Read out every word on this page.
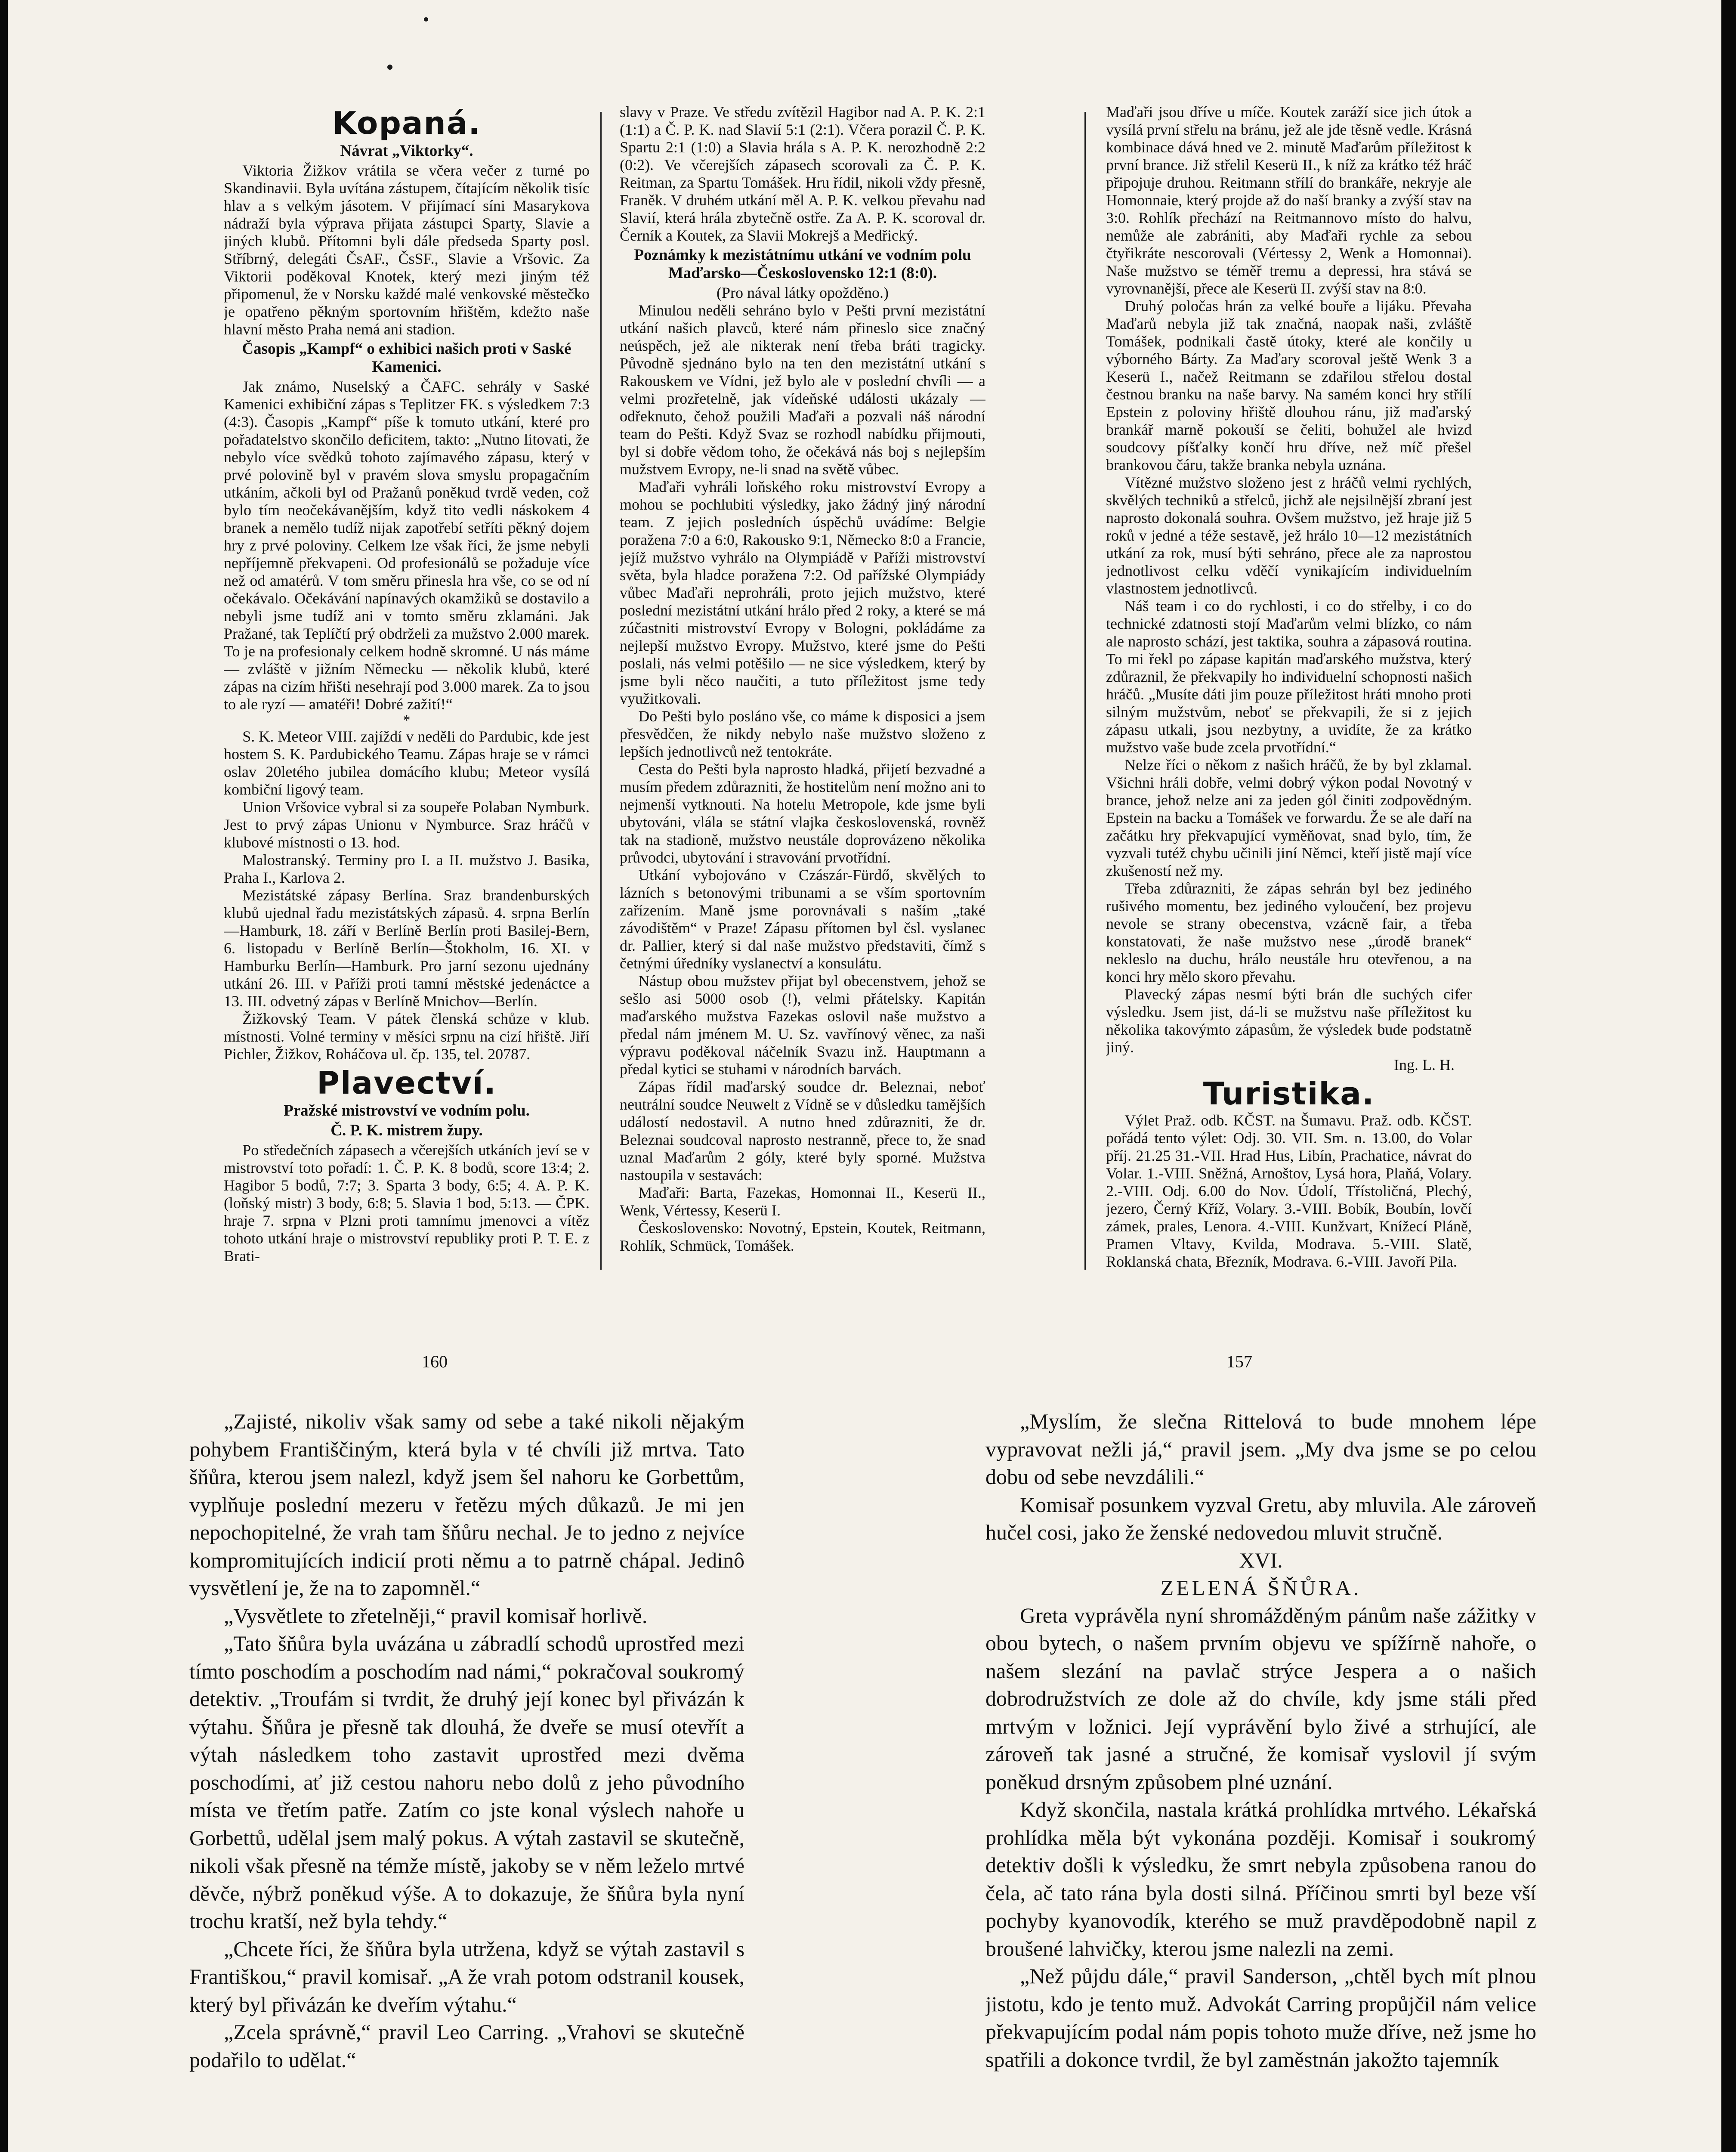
Kopaná.
Návrat „Viktorky“.

Viktoria Žižkov vrátila se včera večer z turné po Skandinavii. Byla uvítána zástupem, čítajícím několik tisíc hlav a s velkým jásotem. V přijímací síni Masarykova nádraží byla výprava přijata zástupci Sparty, Slavie a jiných klubů. Přítomni byli dále předseda Sparty posl. Stříbrný, delegáti ČsAF., ČsSF., Slavie a Vršovic. Za Viktorii poděkoval Knotek, který mezi jiným též připomenul, že v Norsku každé malé venkovské městečko je opatřeno pěkným sportovním hřištěm, kdežto naše hlavní město Praha nemá ani stadion.

Časopis „Kampf“ o exhibici našich proti v Saské Kamenici.

Jak známo, Nuselský a ČAFC. sehrály v Saské Kamenici exhibiční zápas s Teplitzer FK. s výsledkem 7:3 (4:3). Časopis „Kampf“ píše k tomuto utkání, které pro pořadatelstvo skončilo deficitem, takto: „Nutno litovati, že nebylo více svědků tohoto zajímavého zápasu, který v prvé polovině byl v pravém slova smyslu propagačním utkáním, ačkoli byl od Pražanů poněkud tvrdě veden, což bylo tím neočekávanějším, když tito vedli náskokem 4 branek a nemělo tudíž nijak zapotřebí setříti pěkný dojem hry z prvé poloviny. Celkem lze však říci, že jsme nebyli nepříjemně překvapeni. Od profesionálů se požaduje více než od amatérů. V tom směru přinesla hra vše, co se od ní očekávalo. Očekávání napínavých okamžiků se dostavilo a nebyli jsme tudíž ani v tomto směru zklamáni. Jak Pražané, tak Teplíčtí prý obdrželi za mužstvo 2.000 marek. To je na profesionaly celkem hodně skromné. U nás máme — zvláště v jižním Německu — několik klubů, které zápas na cizím hřišti nesehrají pod 3.000 marek. Za to jsou to ale ryzí — amatéři! Dobré zažití!“

*

S. K. Meteor VIII. zajíždí v neděli do Pardubic, kde jest hostem S. K. Pardubického Teamu. Zápas hraje se v rámci oslav 20letého jubilea domácího klubu; Meteor vysílá kombiční ligový team.

Union Vršovice vybral si za soupeře Polaban Nymburk. Jest to prvý zápas Unionu v Nymburce. Sraz hráčů v klubové místnosti o 13. hod.

Malostranský. Terminy pro I. a II. mužstvo J. Basika, Praha I., Karlova 2.

Mezistátské zápasy Berlína. Sraz brandenburských klubů ujednal řadu mezistátských zápasů. 4. srpna Berlín—Hamburk, 18. září v Berlíně Berlín proti Basilej-Bern, 6. listopadu v Berlíně Berlín—Štokholm, 16. XI. v Hamburku Berlín—Hamburk. Pro jarní sezonu ujednány utkání 26. III. v Paříži proti tamní městské jedenáctce a 13. III. odvetný zápas v Berlíně Mnichov—Berlín.

Žižkovský Team. V pátek členská schůze v klub. místnosti. Volné terminy v měsíci srpnu na cizí hřiště. Jiří Pichler, Žižkov, Roháčova ul. čp. 135, tel. 20787.

Plavectví.
Pražské mistrovství ve vodním polu.
Č. P. K. mistrem župy.

Po středečních zápasech a včerejších utkáních jeví se v mistrovství toto pořadí: 1. Č. P. K. 8 bodů, score 13:4; 2. Hagibor 5 bodů, 7:7; 3. Sparta 3 body, 6:5; 4. A. P. K. (loňský mistr) 3 body, 6:8; 5. Slavia 1 bod, 5:13. — ČPK. hraje 7. srpna v Plzni proti tamnímu jmenovci a vítěz tohoto utkání hraje o mistrovství republiky proti P. T. E. z Brati-

slavy v Praze. Ve středu zvítězil Hagibor nad A. P. K. 2:1 (1:1) a Č. P. K. nad Slavií 5:1 (2:1). Včera porazil Č. P. K. Spartu 2:1 (1:0) a Slavia hrála s A. P. K. nerozhodně 2:2 (0:2). Ve včerejších zápasech scorovali za Č. P. K. Reitman, za Spartu Tomášek. Hru řídil, nikoli vždy přesně, Franěk. V druhém utkání měl A. P. K. velkou převahu nad Slavií, která hrála zbytečně ostře. Za A. P. K. scoroval dr. Černík a Koutek, za Slavii Mokrejš a Medřický.

Poznámky k mezistátnímu utkání ve vodním polu Maďarsko—Československo 12:1 (8:0).
(Pro nával látky opožděno.)

Minulou neděli sehráno bylo v Pešti první mezistátní utkání našich plavců, které nám přineslo sice značný neúspěch, jež ale nikterak není třeba bráti tragicky. Původně sjednáno bylo na ten den mezistátní utkání s Rakouskem ve Vídni, jež bylo ale v poslední chvíli — a velmi prozřetelně, jak vídeňské události ukázaly — odřeknuto, čehož použili Maďaři a pozvali náš národní team do Pešti. Když Svaz se rozhodl nabídku přijmouti, byl si dobře vědom toho, že očekává nás boj s nejlepším mužstvem Evropy, ne-li snad na světě vůbec.

Maďaři vyhráli loňského roku mistrovství Evropy a mohou se pochlubiti výsledky, jako žádný jiný národní team. Z jejich posledních úspěchů uvádíme: Belgie poražena 7:0 a 6:0, Rakousko 9:1, Německo 8:0 a Francie, jejíž mužstvo vyhrálo na Olympiádě v Paříži mistrovství světa, byla hladce poražena 7:2. Od pařížské Olympiády vůbec Maďaři neprohráli, proto jejich mužstvo, které poslední mezistátní utkání hrálo před 2 roky, a které se má zúčastniti mistrovství Evropy v Bologni, pokládáme za nejlepší mužstvo Evropy. Mužstvo, které jsme do Pešti poslali, nás velmi potěšilo — ne sice výsledkem, který by jsme byli něco naučiti, a tuto příležitost jsme tedy využitkovali.

Do Pešti bylo posláno vše, co máme k disposici a jsem přesvědčen, že nikdy nebylo naše mužstvo složeno z lepších jednotlivců než tentokráte.

Cesta do Pešti byla naprosto hladká, přijetí bezvadné a musím předem zdůrazniti, že hostitelům není možno ani to nejmenší vytknouti. Na hotelu Metropole, kde jsme byli ubytováni, vlála se státní vlajka československá, rovněž tak na stadioně, mužstvo neustále doprovázeno několika průvodci, ubytování i stravování prvotřídní.

Utkání vybojováno v Czászár-Fürdő, skvělých to lázních s betonovými tribunami a se vším sportovním zařízením. Maně jsme porovnávali s naším „také závodištěm“ v Praze! Zápasu přítomen byl čsl. vyslanec dr. Pallier, který si dal naše mužstvo představiti, čímž s četnými úředníky vyslanectví a konsulátu.

Nástup obou mužstev přijat byl obecenstvem, jehož se sešlo asi 5000 osob (!), velmi přátelsky. Kapitán maďarského mužstva Fazekas oslovil naše mužstvo a předal nám jménem M. U. Sz. vavřínový věnec, za naši výpravu poděkoval náčelník Svazu inž. Hauptmann a předal kytici se stuhami v národních barvách.

Zápas řídil maďarský soudce dr. Beleznai, neboť neutrální soudce Neuwelt z Vídně se v důsledku tamějších událostí nedostavil. A nutno hned zdůrazniti, že dr. Beleznai soudcoval naprosto nestranně, přece to, že snad uznal Maďarům 2 góly, které byly sporné. Mužstva nastoupila v sestavách:

Maďaři: Barta, Fazekas, Homonnai II., Keserü II., Wenk, Vértessy, Keserü I.

Československo: Novotný, Epstein, Koutek, Reitmann, Rohlík, Schmück, Tomášek.

Maďaři jsou dříve u míče. Koutek zaráží sice jich útok a vysílá první střelu na bránu, jež ale jde těsně vedle. Krásná kombinace dává hned ve 2. minutě Maďarům příležitost k první brance. Již střelil Keserü II., k níž za krátko též hráč připojuje druhou. Reitmann střílí do brankáře, nekryje ale Homonnaie, který projde až do naší branky a zvýší stav na 3:0. Rohlík přechází na Reitmannovo místo do halvu, nemůže ale zabrániti, aby Maďaři rychle za sebou čtyřikráte nescorovali (Vértessy 2, Wenk a Homonnai). Naše mužstvo se téměř tremu a depressi, hra stává se vyrovnanější, přece ale Keserü II. zvýší stav na 8:0.

Druhý poločas hrán za velké bouře a lijáku. Převaha Maďarů nebyla již tak značná, naopak naši, zvláště Tomášek, podnikali častě útoky, které ale končily u výborného Bárty. Za Maďary scoroval ještě Wenk 3 a Keserü I., načež Reitmann se zdařilou střelou dostal čestnou branku na naše barvy. Na samém konci hry střílí Epstein z poloviny hřiště dlouhou ránu, již maďarský brankář marně pokouší se čeliti, bohužel ale hvizd soudcovy píšťalky končí hru dříve, než míč přešel brankovou čáru, takže branka nebyla uznána.

Vítězné mužstvo složeno jest z hráčů velmi rychlých, skvělých techniků a střelců, jichž ale nejsilnější zbraní jest naprosto dokonalá souhra. Ovšem mužstvo, jež hraje již 5 roků v jedné a téže sestavě, jež hrálo 10—12 mezistátních utkání za rok, musí býti sehráno, přece ale za naprostou jednotlivost celku vděčí vynikajícím individuelním vlastnostem jednotlivců.

Náš team i co do rychlosti, i co do střelby, i co do technické zdatnosti stojí Maďarům velmi blízko, co nám ale naprosto schází, jest taktika, souhra a zápasová routina. To mi řekl po zápase kapitán maďarského mužstva, který zdůraznil, že překvapily ho individuelní schopnosti našich hráčů. „Musíte dáti jim pouze příležitost hráti mnoho proti silným mužstvům, neboť se překvapili, že si z jejich zápasu utkali, jsou nezbytny, a uvidíte, že za krátko mužstvo vaše bude zcela prvotřídní.“

Nelze říci o někom z našich hráčů, že by byl zklamal. Všichni hráli dobře, velmi dobrý výkon podal Novotný v brance, jehož nelze ani za jeden gól činiti zodpovědným. Epstein na backu a Tomášek ve forwardu. Že se ale daří na začátku hry překvapující vyměňovat, snad bylo, tím, že vyzvali tutéž chybu učinili jiní Němci, kteří jistě mají více zkušeností než my.

Třeba zdůrazniti, že zápas sehrán byl bez jediného rušivého momentu, bez jediného vyloučení, bez projevu nevole se strany obecenstva, vzácně fair, a třeba konstatovati, že naše mužstvo nese „úrodě branek“ nekleslo na duchu, hrálo neustále hru otevřenou, a na konci hry mělo skoro převahu.

Plavecký zápas nesmí býti brán dle suchých cifer výsledku. Jsem jist, dá-li se mužstvu naše příležitost ku několika takovýmto zápasům, že výsledek bude podstatně jiný.

Ing. L. H.
Turistika.

Výlet Praž. odb. KČST. na Šumavu. Praž. odb. KČST. pořádá tento výlet: Odj. 30. VII. Sm. n. 13.00, do Volar příj. 21.25 31.-VII. Hrad Hus, Libín, Prachatice, návrat do Volar. 1.-VIII. Sněžná, Arnoštov, Lysá hora, Plaňá, Volary. 2.-VIII. Odj. 6.00 do Nov. Údolí, Třístoličná, Plechý, jezero, Černý Kříž, Volary. 3.-VIII. Bobík, Boubín, lovčí zámek, prales, Lenora. 4.-VIII. Kunžvart, Knížecí Pláně, Pramen Vltavy, Kvilda, Modrava. 5.-VIII. Slatě, Roklanská chata, Březník, Modrava. 6.-VIII. Javoří Pila.

160	157

„Zajisté, nikoliv však samy od sebe a také nikoli nějakým pohybem Františčiným, která byla v té chvíli již mrtva. Tato šňůra, kterou jsem nalezl, když jsem šel nahoru ke Gorbettům, vyplňuje poslední mezeru v řetězu mých důkazů. Je mi jen nepochopitelné, že vrah tam šňůru nechal. Je to jedno z nejvíce kompromitujících indicií proti němu a to patrně chápal. Jedinô vysvětlení je, že na to zapomněl.“

„Vysvětlete to zřetelněji,“ pravil komisař horlivě.

„Tato šňůra byla uvázána u zábradlí schodů uprostřed mezi tímto poschodím a poschodím nad námi,“ pokračoval soukromý detektiv. „Troufám si tvrdit, že druhý její konec byl přivázán k výtahu. Šňůra je přesně tak dlouhá, že dveře se musí otevřít a výtah následkem toho zastavit uprostřed mezi dvěma poschodími, ať již cestou nahoru nebo dolů z jeho původního místa ve třetím patře. Zatím co jste konal výslech nahoře u Gorbettů, udělal jsem malý pokus. A výtah zastavil se skutečně, nikoli však přesně na témže místě, jakoby se v něm leželo mrtvé děvče, nýbrž poněkud výše. A to dokazuje, že šňůra byla nyní trochu kratší, než byla tehdy.“

„Chcete říci, že šňůra byla utržena, když se výtah zastavil s Františkou,“ pravil komisař. „A že vrah potom odstranil kousek, který byl přivázán ke dveřím výtahu.“

„Zcela správně,“ pravil Leo Carring. „Vrahovi se skutečně podařilo to udělat.“

„Myslím, že slečna Rittelová to bude mnohem lépe vypravovat nežli já,“ pravil jsem. „My dva jsme se po celou dobu od sebe nevzdálili.“

Komisař posunkem vyzval Gretu, aby mluvila. Ale zároveň hučel cosi, jako že ženské nedovedou mluvit stručně.

XVI.

ZELENÁ ŠŇŮRA.

Greta vyprávěla nyní shromážděným pánům naše zážitky v obou bytech, o našem prvním objevu ve spížírně nahoře, o našem slezání na pavlač strýce Jespera a o našich dobrodružstvích ze dole až do chvíle, kdy jsme stáli před mrtvým v ložnici. Její vyprávění bylo živé a strhující, ale zároveň tak jasné a stručné, že komisař vyslovil jí svým poněkud drsným způsobem plné uznání.

Když skončila, nastala krátká prohlídka mrtvého. Lékařská prohlídka měla být vykonána později. Komisař i soukromý detektiv došli k výsledku, že smrt nebyla způsobena ranou do čela, ač tato rána byla dosti silná. Příčinou smrti byl beze vší pochyby kyanovodík, kterého se muž pravděpodobně napil z broušené lahvičky, kterou jsme nalezli na zemi.

„Než půjdu dále,“ pravil Sanderson, „chtěl bych mít plnou jistotu, kdo je tento muž. Advokát Carring propůjčil nám velice překvapujícím podal nám popis tohoto muže dříve, než jsme ho spatřili a dokonce tvrdil, že byl zaměstnán jakožto tajemník
